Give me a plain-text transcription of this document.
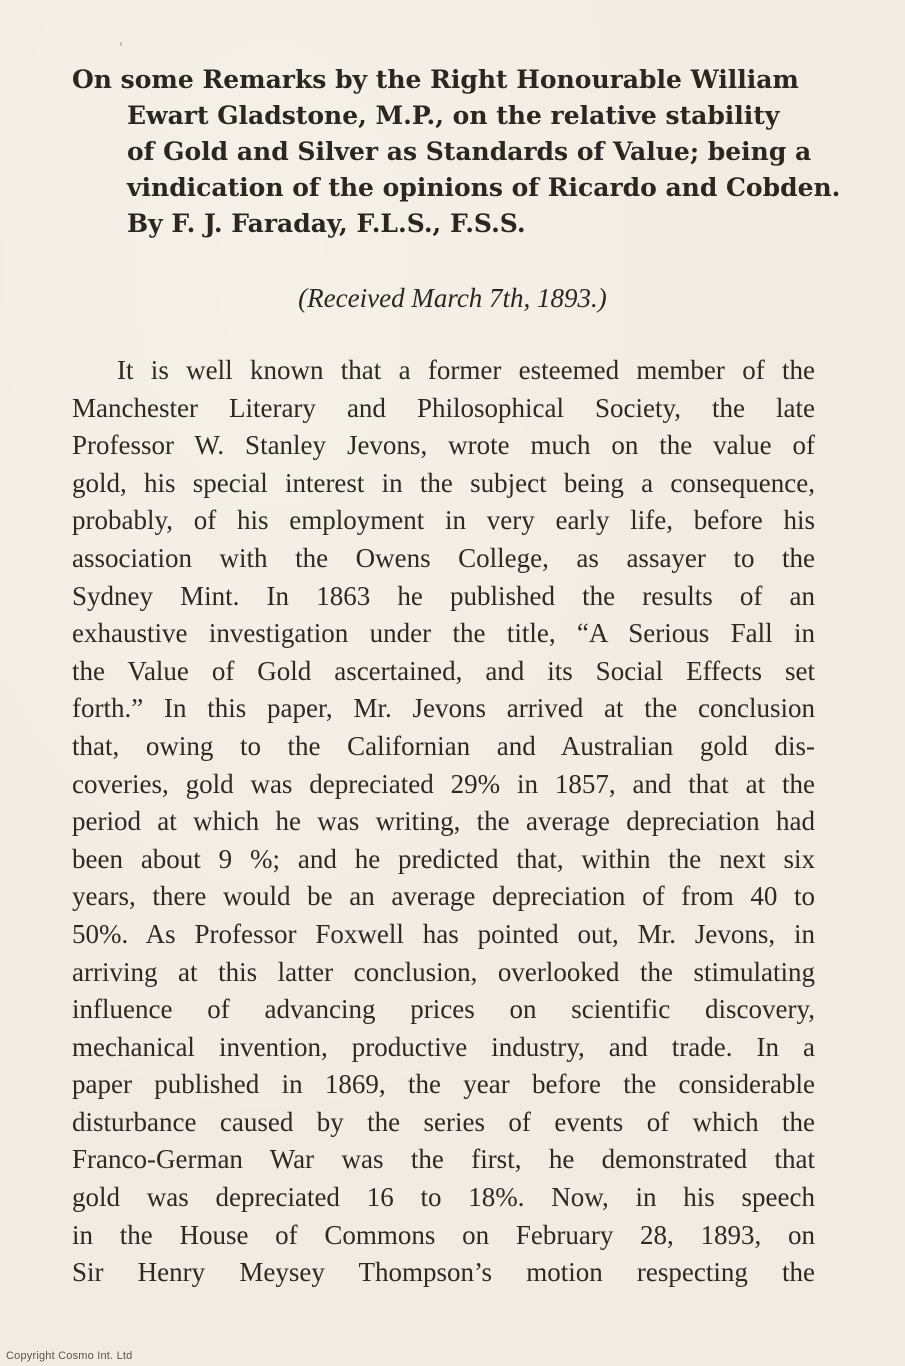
On some Remarks by the Right Honourable William
Ewart Gladstone, M.P., on the relative stability
of Gold and Silver as Standards of Value; being a
vindication of the opinions of Ricardo and Cobden.
By F. J. Faraday, F.L.S., F.S.S.
(Received March 7th, 1893.)
It is well known that a former esteemed member of the
Manchester Literary and Philosophical Society, the late
Professor W. Stanley Jevons, wrote much on the value of
gold, his special interest in the subject being a consequence,
probably, of his employment in very early life, before his
association with the Owens College, as assayer to the
Sydney Mint. In 1863 he published the results of an
exhaustive investigation under the title, “A Serious Fall in
the Value of Gold ascertained, and its Social Effects set
forth.” In this paper, Mr. Jevons arrived at the conclusion
that, owing to the Californian and Australian gold dis-
coveries, gold was depreciated 29% in 1857, and that at the
period at which he was writing, the average depreciation had
been about 9 %; and he predicted that, within the next six
years, there would be an average depreciation of from 40 to
50%. As Professor Foxwell has pointed out, Mr. Jevons, in
arriving at this latter conclusion, overlooked the stimulating
influence of advancing prices on scientific discovery,
mechanical invention, productive industry, and trade. In a
paper published in 1869, the year before the considerable
disturbance caused by the series of events of which the
Franco-German War was the first, he demonstrated that
gold was depreciated 16 to 18%. Now, in his speech
in the House of Commons on February 28, 1893, on
Sir Henry Meysey Thompson’s motion respecting the
Copyright Cosmo Int. Ltd
